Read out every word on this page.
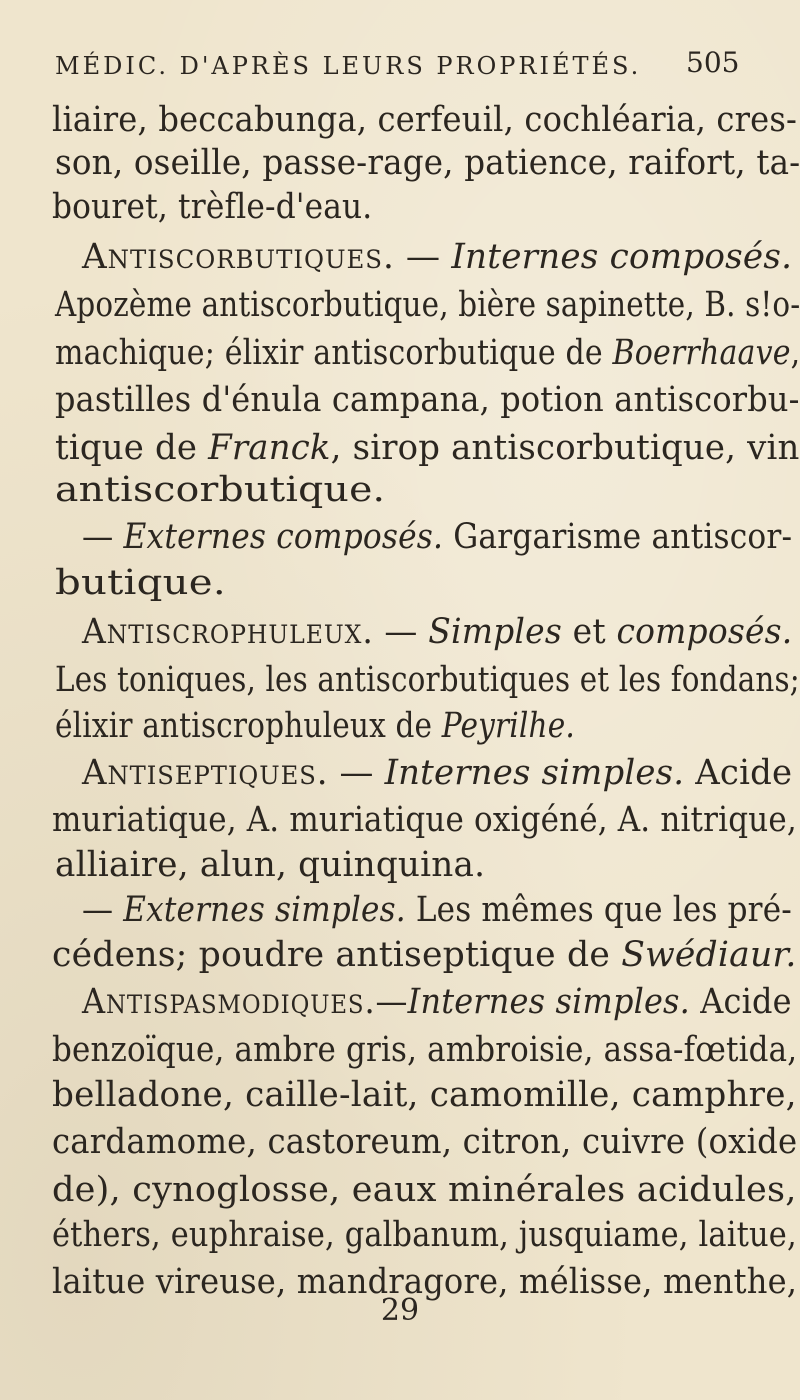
MÉDIC. D'APRÈS LEURS PROPRIÉTÉS. 505
liaire, beccabunga, cerfeuil, cochléaria, cres-
son, oseille, passe-rage, patience, raifort, ta-
bouret, trèfle-d'eau.
Antiscorbutiques. — Internes composés.
Apozème antiscorbutique, bière sapinette, B. s!o-
machique; élixir antiscorbutique de Boerrhaave,
pastilles d'énula campana, potion antiscorbu-
tique de Franck, sirop antiscorbutique, vin
antiscorbutique.
— Externes composés. Gargarisme antiscor-
butique.
Antiscrophuleux. — Simples et composés.
Les toniques, les antiscorbutiques et les fondans;
élixir antiscrophuleux de Peyrilhe.
Antiseptiques. — Internes simples. Acide
muriatique, A. muriatique oxigéné, A. nitrique,
alliaire, alun, quinquina.
— Externes simples. Les mêmes que les pré-
cédens; poudre antiseptique de Swédiaur.
Antispasmodiques.—Internes simples. Acide
benzoïque, ambre gris, ambroisie, assa-fœtida,
belladone, caille-lait, camomille, camphre,
cardamome, castoreum, citron, cuivre (oxide
de), cynoglosse, eaux minérales acidules,
éthers, euphraise, galbanum, jusquiame, laitue,
laitue vireuse, mandragore, mélisse, menthe,
29
